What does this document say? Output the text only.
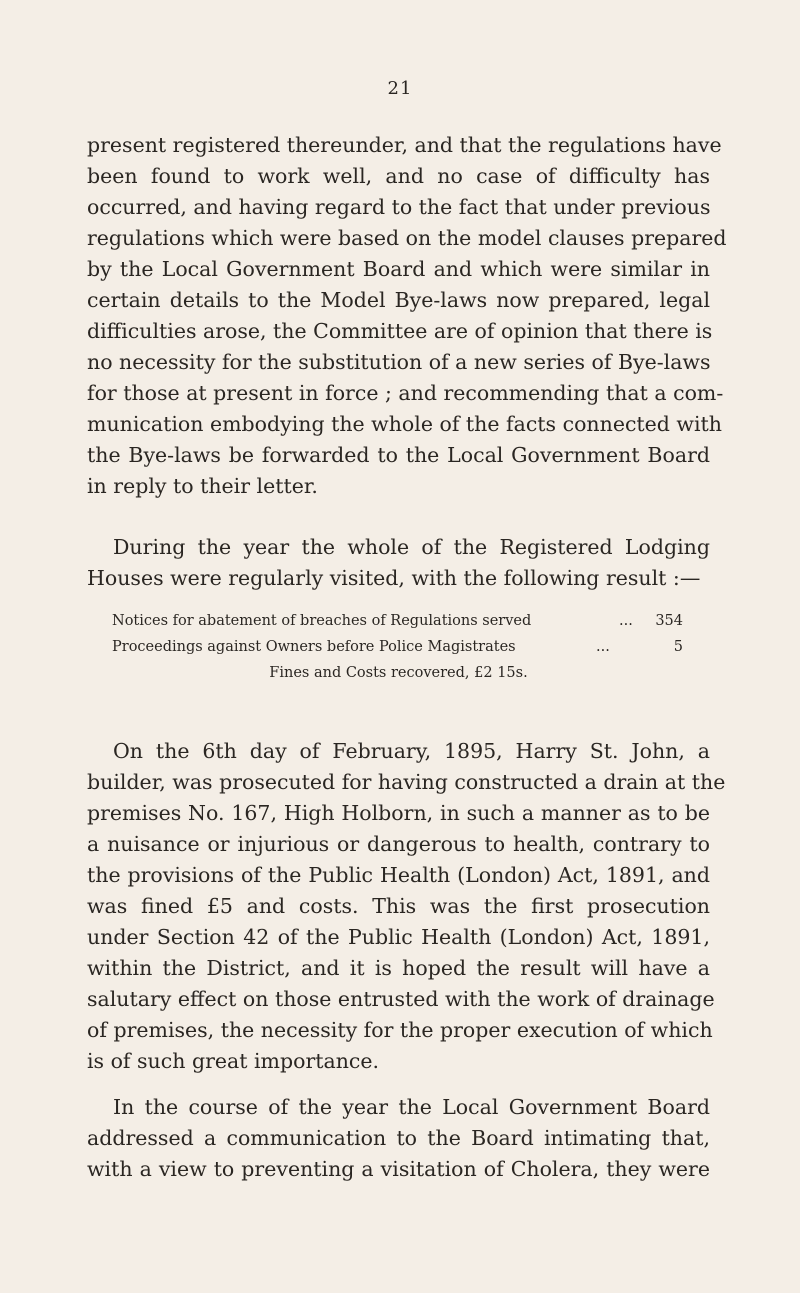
21

present registered thereunder, and that the regulations have
been found to work well, and no case of difficulty has
occurred, and having regard to the fact that under previous
regulations which were based on the model clauses prepared
by the Local Government Board and which were similar in
certain details to the Model Bye-laws now prepared, legal
difficulties arose, the Committee are of opinion that there is
no necessity for the substitution of a new series of Bye-laws
for those at present in force ; and recommending that a com-
munication embodying the whole of the facts connected with
the Bye-laws be forwarded to the Local Government Board
in reply to their letter.

During the year the whole of the Registered Lodging
Houses were regularly visited, with the following result :—

Notices for abatement of breaches of Regulations served	...	354
Proceedings against Owners before Police Magistrates	...	5
Fines and Costs recovered, £2 15s.

On the 6th day of February, 1895, Harry St. John, a
builder, was prosecuted for having constructed a drain at the
premises No. 167, High Holborn, in such a manner as to be
a nuisance or injurious or dangerous to health, contrary to
the provisions of the Public Health (London) Act, 1891, and
was fined £5 and costs. This was the first prosecution
under Section 42 of the Public Health (London) Act, 1891,
within the District, and it is hoped the result will have a
salutary effect on those entrusted with the work of drainage
of premises, the necessity for the proper execution of which
is of such great importance.

In the course of the year the Local Government Board
addressed a communication to the Board intimating that,
with a view to preventing a visitation of Cholera, they were
